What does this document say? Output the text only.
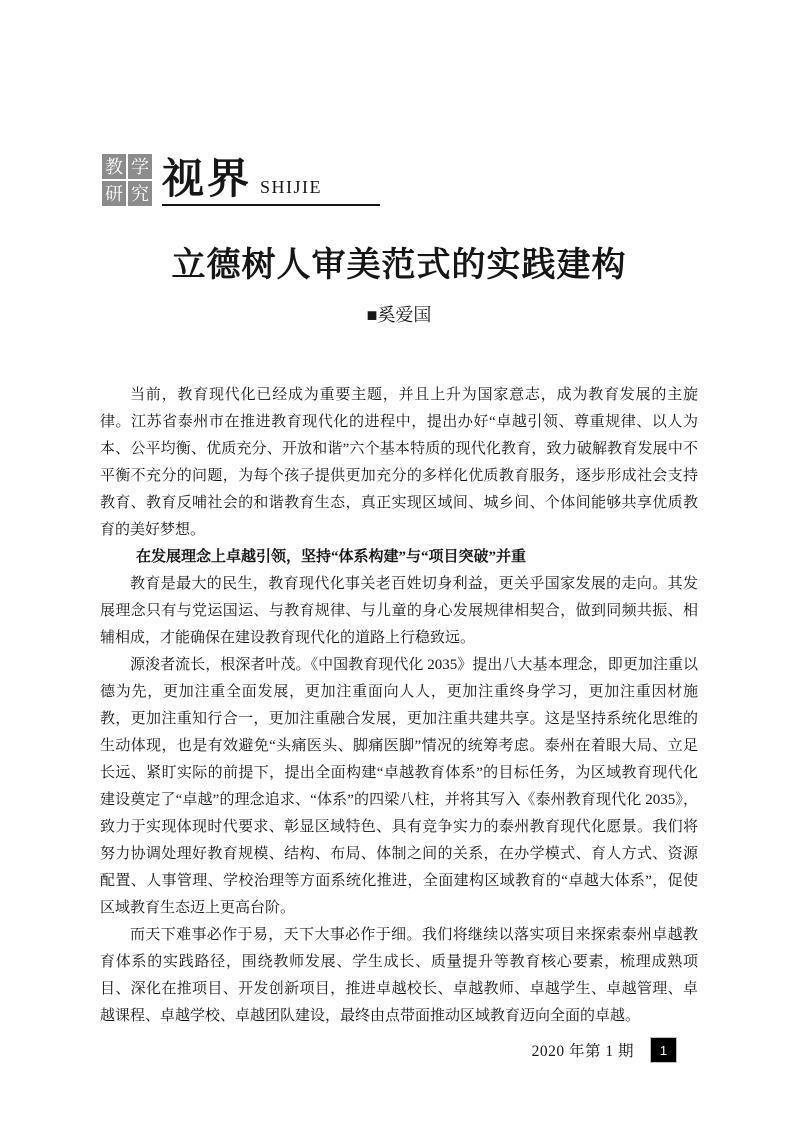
教 学
研 究 视界 SHIJIE
立德树人审美范式的实践建构
■奚爱国

当前，教育现代化已经成为重要主题，并且上升为国家意志，成为教育发展的主旋律。江苏省泰州市在推进教育现代化的进程中，提出办好“卓越引领、尊重规律、以人为本、公平均衡、优质充分、开放和谐”六个基本特质的现代化教育，致力破解教育发展中不平衡不充分的问题，为每个孩子提供更加充分的多样化优质教育服务，逐步形成社会支持教育、教育反哺社会的和谐教育生态，真正实现区域间、城乡间、个体间能够共享优质教育的美好梦想。

在发展理念上卓越引领，坚持“体系构建”与“项目突破”并重

教育是最大的民生，教育现代化事关老百姓切身利益，更关乎国家发展的走向。其发展理念只有与党运国运、与教育规律、与儿童的身心发展规律相契合，做到同频共振、相辅相成，才能确保在建设教育现代化的道路上行稳致远。

源浚者流长，根深者叶茂。《中国教育现代化 2035》提出八大基本理念，即更加注重以德为先，更加注重全面发展，更加注重面向人人，更加注重终身学习，更加注重因材施教，更加注重知行合一，更加注重融合发展，更加注重共建共享。这是坚持系统化思维的生动体现，也是有效避免“头痛医头、脚痛医脚”情况的统筹考虑。泰州在着眼大局、立足长远、紧盯实际的前提下，提出全面构建“卓越教育体系”的目标任务，为区域教育现代化建设奠定了“卓越”的理念追求、“体系”的四梁八柱，并将其写入《泰州教育现代化 2035》，致力于实现体现时代要求、彰显区域特色、具有竞争实力的泰州教育现代化愿景。我们将努力协调处理好教育规模、结构、布局、体制之间的关系，在办学模式、育人方式、资源配置、人事管理、学校治理等方面系统化推进，全面建构区域教育的“卓越大体系”，促使区域教育生态迈上更高台阶。

而天下难事必作于易，天下大事必作于细。我们将继续以落实项目来探索泰州卓越教育体系的实践路径，围绕教师发展、学生成长、质量提升等教育核心要素，梳理成熟项目、深化在推项目、开发创新项目，推进卓越校长、卓越教师、卓越学生、卓越管理、卓越课程、卓越学校、卓越团队建设，最终由点带面推动区域教育迈向全面的卓越。

2020 年第 1 期	1
